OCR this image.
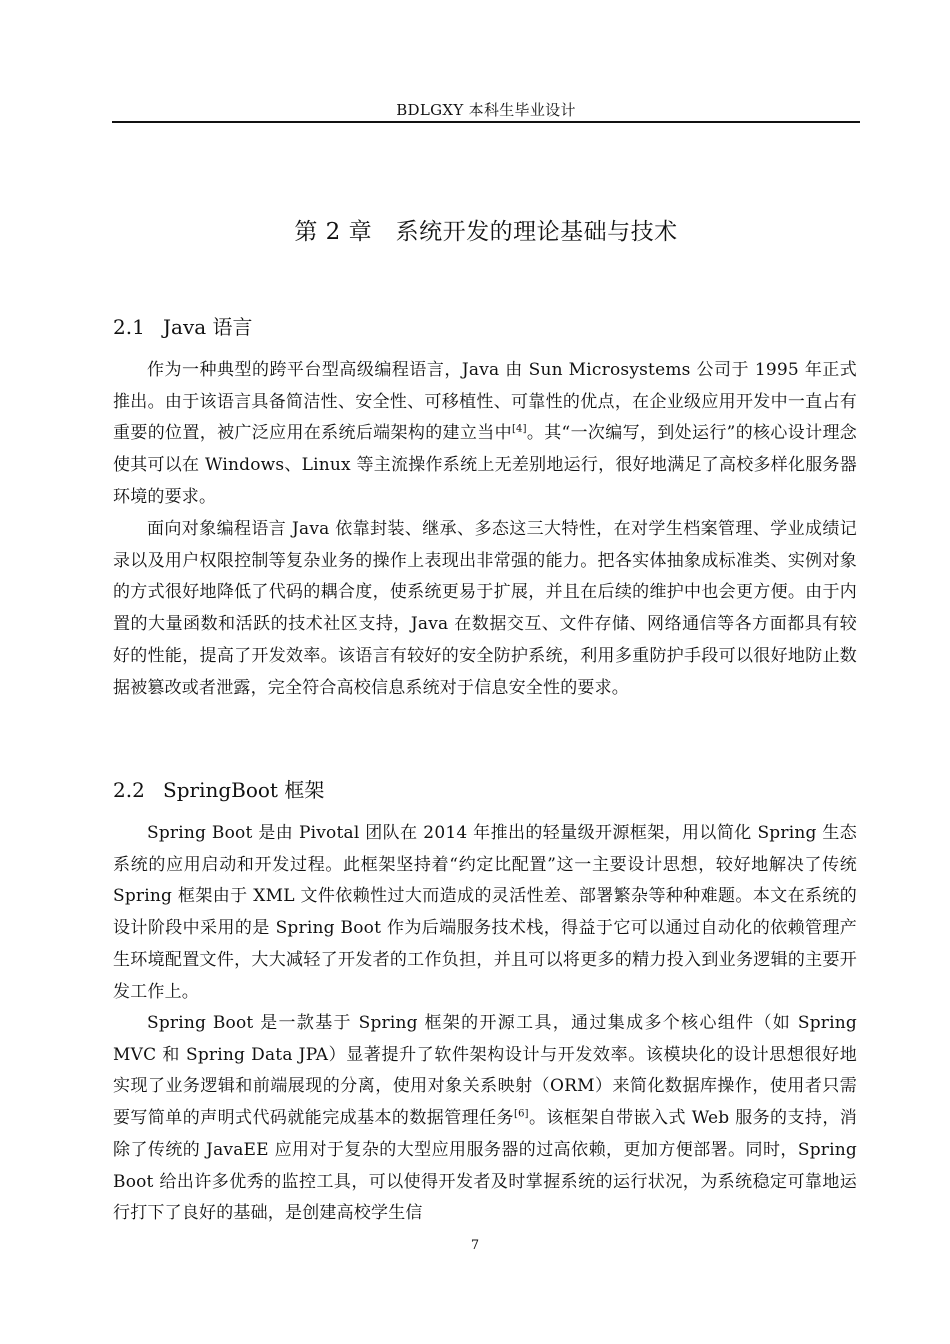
BDLGXY 本科生毕业设计
第 2 章　系统开发的理论基础与技术
2.1 Java 语言

作为一种典型的跨平台型高级编程语言，Java 由 Sun Microsystems 公司于 1995 年正式推出。由于该语言具备简洁性、安全性、可移植性、可靠性的优点，在企业级应用开发中一直占有重要的位置，被广泛应用在系统后端架构的建立当中[4]。其“一次编写，到处运行”的核心设计理念使其可以在 Windows、Linux 等主流操作系统上无差别地运行，很好地满足了高校多样化服务器环境的要求。

面向对象编程语言 Java 依靠封装、继承、多态这三大特性，在对学生档案管理、学业成绩记录以及用户权限控制等复杂业务的操作上表现出非常强的能力。把各实体抽象成标准类、实例对象的方式很好地降低了代码的耦合度，使系统更易于扩展，并且在后续的维护中也会更方便。由于内置的大量函数和活跃的技术社区支持，Java 在数据交互、文件存储、网络通信等各方面都具有较好的性能，提高了开发效率。该语言有较好的安全防护系统，利用多重防护手段可以很好地防止数据被篡改或者泄露，完全符合高校信息系统对于信息安全性的要求。

2.2 SpringBoot 框架

Spring Boot 是由 Pivotal 团队在 2014 年推出的轻量级开源框架，用以简化 Spring 生态系统的应用启动和开发过程。此框架坚持着“约定比配置”这一主要设计思想，较好地解决了传统 Spring 框架由于 XML 文件依赖性过大而造成的灵活性差、部署繁杂等种种难题。本文在系统的设计阶段中采用的是 Spring Boot 作为后端服务技术栈，得益于它可以通过自动化的依赖管理产生环境配置文件，大大减轻了开发者的工作负担，并且可以将更多的精力投入到业务逻辑的主要开发工作上。

Spring Boot 是一款基于 Spring 框架的开源工具，通过集成多个核心组件（如 Spring MVC 和 Spring Data JPA）显著提升了软件架构设计与开发效率。该模块化的设计思想很好地实现了业务逻辑和前端展现的分离，使用对象关系映射（ORM）来简化数据库操作，使用者只需要写简单的声明式代码就能完成基本的数据管理任务[6]。该框架自带嵌入式 Web 服务的支持，消除了传统的 JavaEE 应用对于复杂的大型应用服务器的过高依赖，更加方便部署。同时，Spring Boot 给出许多优秀的监控工具，可以使得开发者及时掌握系统的运行状况，为系统稳定可靠地运行打下了良好的基础，是创建高校学生信

7
